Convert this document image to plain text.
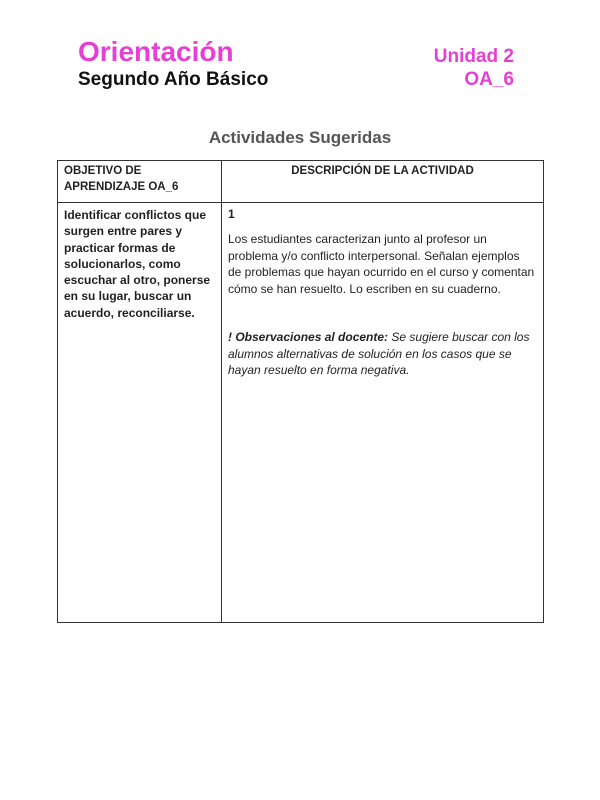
Orientación
Segundo Año Básico
Unidad 2
OA_6
Actividades Sugeridas
OBJETIVO DE APRENDIZAJE OA_6	DESCRIPCIÓN DE LA ACTIVIDAD
Identificar conflictos que surgen entre pares y practicar formas de solucionarlos, como escuchar al otro, ponerse en su lugar, buscar un acuerdo, reconciliarse.	1
Los estudiantes caracterizan junto al profesor un problema y/o conflicto interpersonal. Señalan ejemplos de problemas que hayan ocurrido en el curso y comentan cómo se han resuelto. Lo escriben en su cuaderno.
! Observaciones al docente: Se sugiere buscar con los alumnos alternativas de solución en los casos que se hayan resuelto en forma negativa.
